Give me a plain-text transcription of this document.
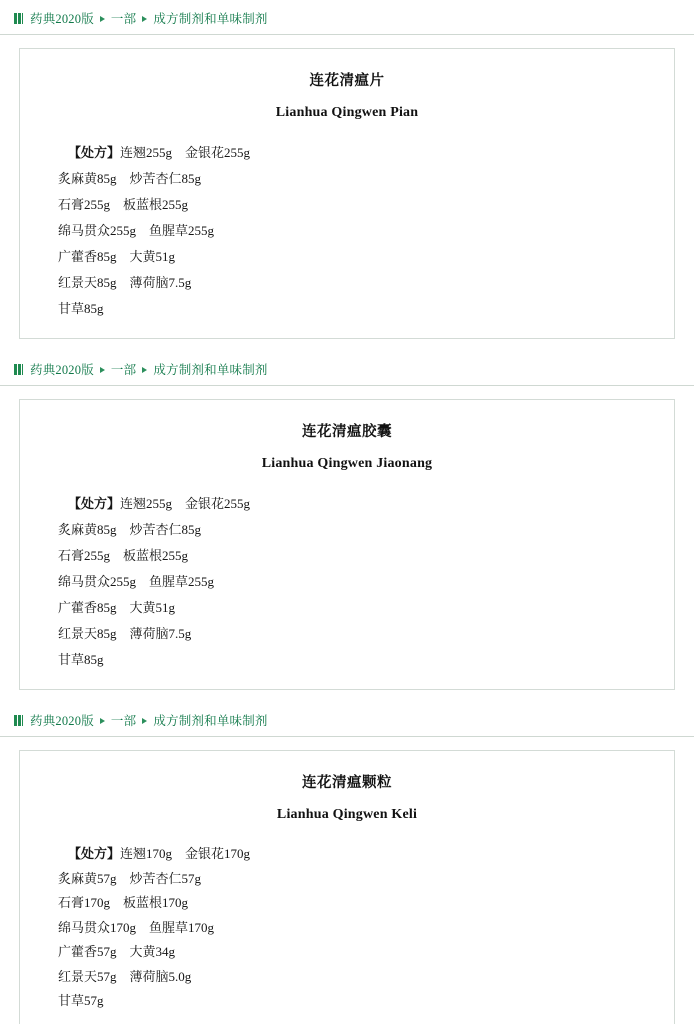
药典2020版 一部 成方制剂和单味制剂
连花清瘟片
Lianhua Qingwen Pian
【处方】连翘255g 金银花255g
炙麻黄85g 炒苦杏仁85g
石膏255g 板蓝根255g
绵马贯众255g 鱼腥草255g
广藿香85g 大黄51g
红景天85g 薄荷脑7.5g
甘草85g
药典2020版 一部 成方制剂和单味制剂
连花清瘟胶囊
Lianhua Qingwen Jiaonang
【处方】连翘255g 金银花255g
炙麻黄85g 炒苦杏仁85g
石膏255g 板蓝根255g
绵马贯众255g 鱼腥草255g
广藿香85g 大黄51g
红景天85g 薄荷脑7.5g
甘草85g
药典2020版 一部 成方制剂和单味制剂
连花清瘟颗粒
Lianhua Qingwen Keli
【处方】连翘170g 金银花170g
炙麻黄57g 炒苦杏仁57g
石膏170g 板蓝根170g
绵马贯众170g 鱼腥草170g
广藿香57g 大黄34g
红景天57g 薄荷脑5.0g
甘草57g
